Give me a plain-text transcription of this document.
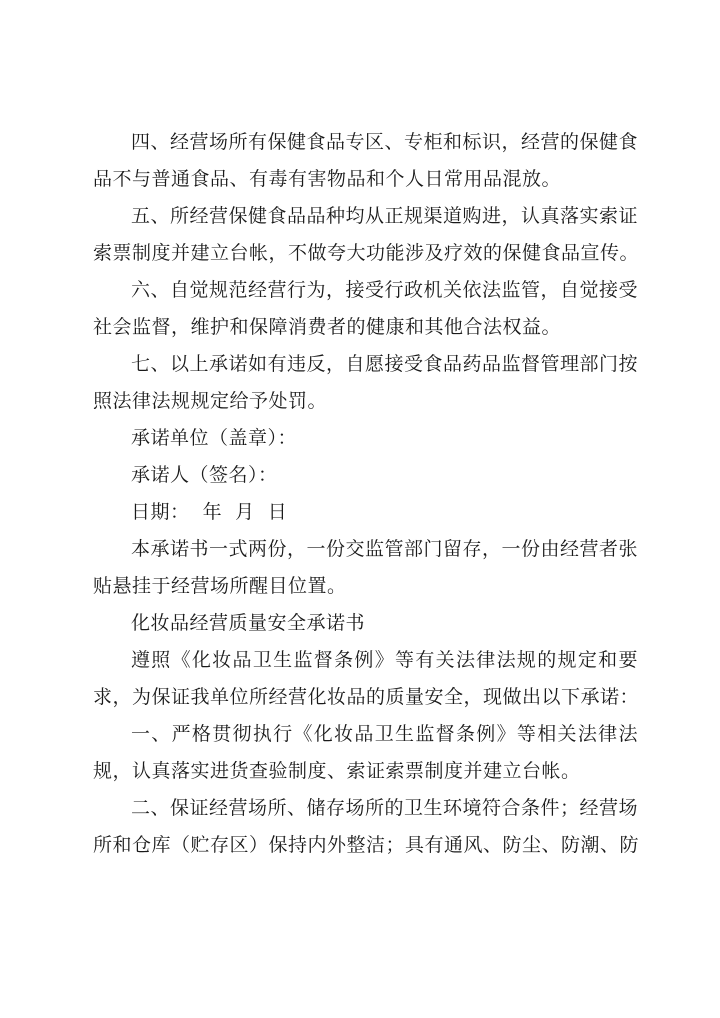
四、经营场所有保健食品专区、专柜和标识，经营的保健食
品不与普通食品、有毒有害物品和个人日常用品混放。
五、所经营保健食品品种均从正规渠道购进，认真落实索证
索票制度并建立台帐，不做夸大功能涉及疗效的保健食品宣传。
六、自觉规范经营行为，接受行政机关依法监管，自觉接受
社会监督，维护和保障消费者的健康和其他合法权益。
七、以上承诺如有违反，自愿接受食品药品监督管理部门按
照法律法规规定给予处罚。
承诺单位（盖章）：
承诺人（签名）：
日期：  年  月  日
本承诺书一式两份，一份交监管部门留存，一份由经营者张
贴悬挂于经营场所醒目位置。
化妆品经营质量安全承诺书
遵照《化妆品卫生监督条例》等有关法律法规的规定和要
求，为保证我单位所经营化妆品的质量安全，现做出以下承诺：
一、严格贯彻执行《化妆品卫生监督条例》等相关法律法
规，认真落实进货查验制度、索证索票制度并建立台帐。
二、保证经营场所、储存场所的卫生环境符合条件；经营场
所和仓库（贮存区）保持内外整洁；具有通风、防尘、防潮、防
